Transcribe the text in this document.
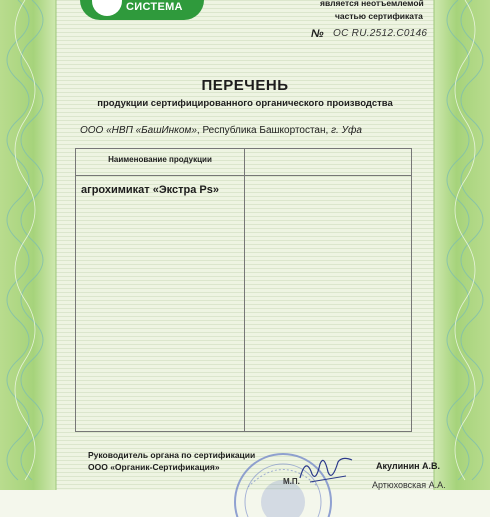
СИСТЕМА	является неотъемлемой
частью сертификата
№ ОС RU.2512.С0146
ПЕРЕЧЕНЬ
продукции сертифицированного органического производства
ООО «НВП «БашИнком», Республика Башкортостан, г. Уфа
Наименование продукции
агрохимикат «Экстра Ps»
Руководитель органа по сертификации
ООО «Органик-Сертификация»
М.П.
Акулинин А.В.
Артюховская А.А.
